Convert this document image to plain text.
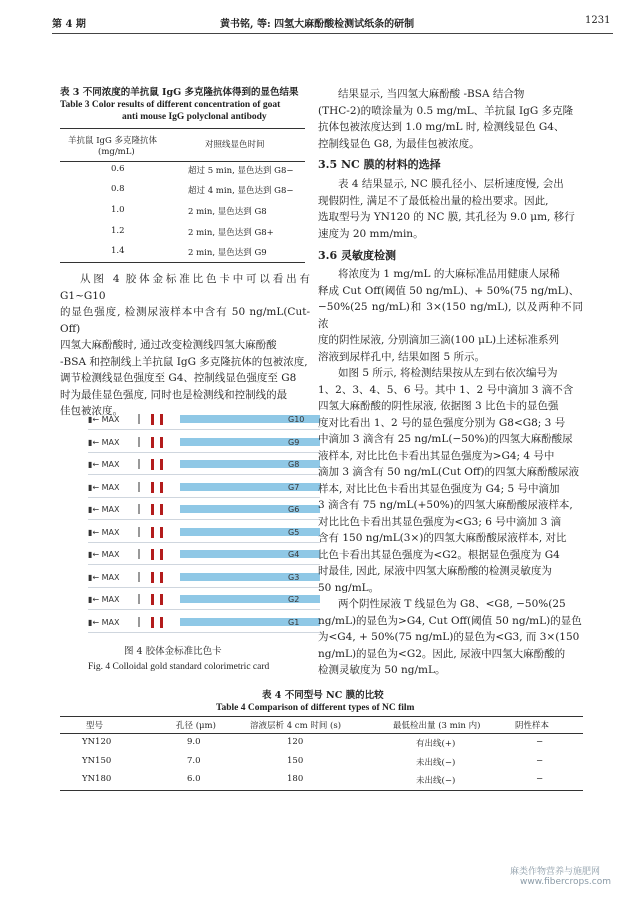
第 4 期	黄书铭, 等: 四氢大麻酚酸检测试纸条的研制	1231
表 3 不同浓度的羊抗鼠 IgG 多克隆抗体得到的显色结果
Table 3 Color results of different concentration of goat
anti mouse IgG polyclonal antibody
羊抗鼠 IgG 多克隆抗体
(mg/mL)
对照线显色时间
0.6	超过 5 min, 显色达到 G8−
0.8	超过 4 min, 显色达到 G8−
1.0	2 min, 显色达到 G8
1.2	2 min, 显色达到 G8+
1.4	2 min, 显色达到 G9
从图 4 胶体金标准比色卡中可以看出有 G1~G10
的显色强度, 检测尿液样本中含有 50 ng/mL(Cut-Off)
四氢大麻酚酸时, 通过改变检测线四氢大麻酚酸
-BSA 和控制线上羊抗鼠 IgG 多克隆抗体的包被浓度,
调节检测线显色强度至 G4、控制线显色强度至 G8
时为最佳显色强度, 同时也是检测线和控制线的最
佳包被浓度。
▮← MAX	G10
▮← MAX	G9
▮← MAX	G8
▮← MAX	G7
▮← MAX	G6
▮← MAX	G5
▮← MAX	G4
▮← MAX	G3
▮← MAX	G2
▮← MAX	G1
图 4 胶体金标准比色卡
Fig. 4 Colloidal gold standard colorimetric card
结果显示, 当四氢大麻酚酸 -BSA 结合物
(THC-2)的喷涂量为 0.5 mg/mL、羊抗鼠 IgG 多克隆
抗体包被浓度达到 1.0 mg/mL 时, 检测线显色 G4、
控制线显色 G8, 为最佳包被浓度。
3.5 NC 膜的材料的选择
表 4 结果显示, NC 膜孔径小、层析速度慢, 会出
现假阴性, 满足不了最低检出量的检出要求。因此,
选取型号为 YN120 的 NC 膜, 其孔径为 9.0 μm, 移行
速度为 20 mm/min。
3.6 灵敏度检测
将浓度为 1 mg/mL 的大麻标准品用健康人尿稀
释成 Cut Off(阈值 50 ng/mL)、+ 50%(75 ng/mL)、
−50%(25 ng/mL)和 3×(150 ng/mL), 以及两种不同浓
度的阴性尿液, 分别滴加三滴(100 μL)上述标准系列
溶液到尿样孔中, 结果如图 5 所示。
如图 5 所示, 将检测结果按从左到右依次编号为
1、2、3、4、5、6 号。其中 1、2 号中滴加 3 滴不含
四氢大麻酚酸的阴性尿液, 依据图 3 比色卡的显色强
度对比看出 1、2 号的显色强度分别为 G8<G8; 3 号
中滴加 3 滴含有 25 ng/mL(−50%)的四氢大麻酚酸尿
液样本, 对比比色卡看出其显色强度为>G4; 4 号中
滴加 3 滴含有 50 ng/mL(Cut Off)的四氢大麻酚酸尿液
样本, 对比比色卡看出其显色强度为 G4; 5 号中滴加
3 滴含有 75 ng/mL(+50%)的四氢大麻酚酸尿液样本,
对比比色卡看出其显色强度为<G3; 6 号中滴加 3 滴
含有 150 ng/mL(3×)的四氢大麻酚酸尿液样本, 对比
比色卡看出其显色强度为<G2。根据显色强度为 G4
时最佳, 因此, 尿液中四氢大麻酚酸的检测灵敏度为
50 ng/mL。
两个阴性尿液 T 线显色为 G8、<G8, −50%(25
ng/mL)的显色为>G4, Cut Off(阈值 50 ng/mL)的显色
为<G4, + 50%(75 ng/mL)的显色为<G3, 而 3×(150
ng/mL)的显色为<G2。因此, 尿液中四氢大麻酚酸的
检测灵敏度为 50 ng/mL。
表 4 不同型号 NC 膜的比较
Table 4 Comparison of different types of NC film
型号	孔径 (μm)	溶液层析 4 cm 时间 (s)	最低检出量 (3 min 内)	阴性样本
YN120	9.0	120	有出线(+)	−
YN150	7.0	150	未出线(−)	−
YN180	6.0	180	未出线(−)	−
麻类作物营养与施肥网
www.fibercrops.com
